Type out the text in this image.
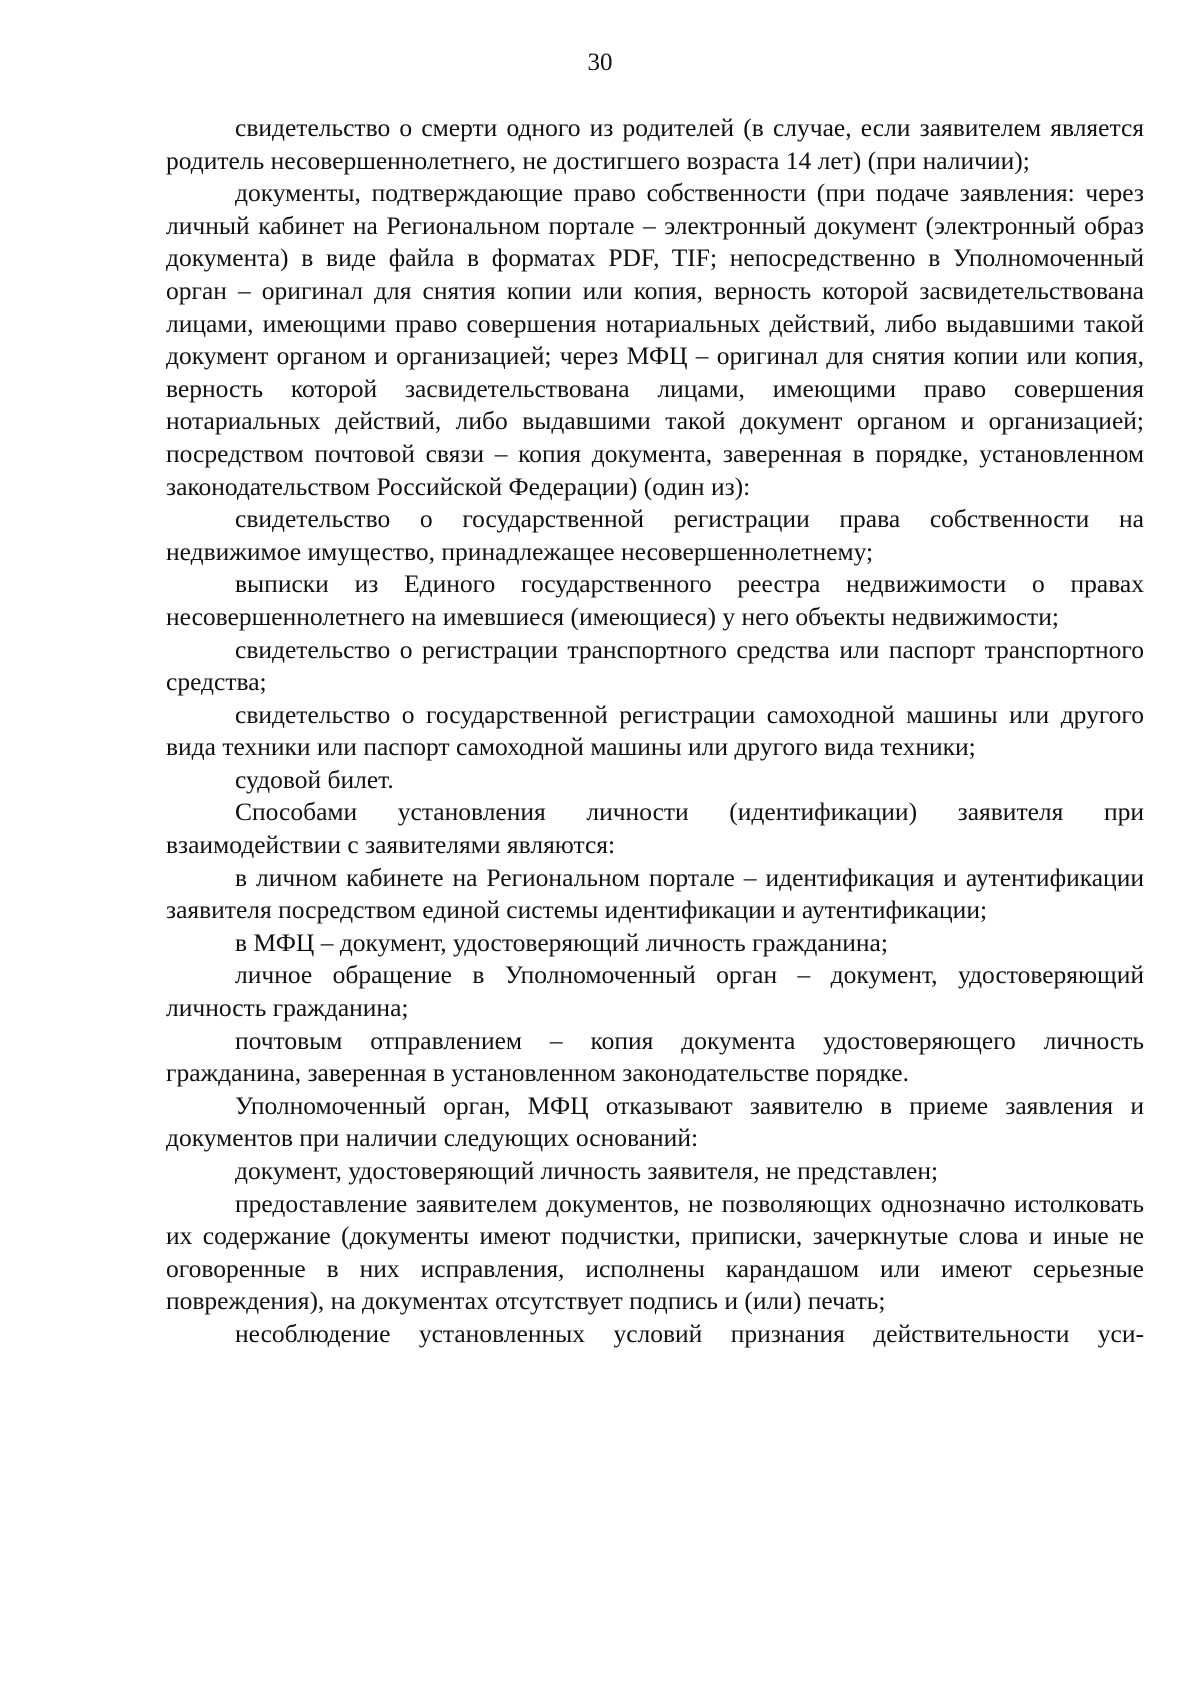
30

свидетельство о смерти одного из родителей (в случае, если заявителем является родитель несовершеннолетнего, не достигшего возраста 14 лет) (при наличии);

документы, подтверждающие право собственности (при подаче заявления: через личный кабинет на Региональном портале – электронный документ (электронный образ документа) в виде файла в форматах PDF, TIF; непосредственно в Уполномоченный орган – оригинал для снятия копии или копия, верность которой засвидетельствована лицами, имеющими право совершения нотариальных действий, либо выдавшими такой документ органом и организацией; через МФЦ – оригинал для снятия копии или копия, верность которой засвидетельствована лицами, имеющими право совершения нотариальных действий, либо выдавшими такой документ органом и организацией; посредством почтовой связи – копия документа, заверенная в порядке, установленном законодательством Российской Федерации) (один из):

свидетельство о государственной регистрации права собственности на недвижимое имущество, принадлежащее несовершеннолетнему;

выписки из Единого государственного реестра недвижимости о правах несовершеннолетнего на имевшиеся (имеющиеся) у него объекты недвижимости;

свидетельство о регистрации транспортного средства или паспорт транспортного средства;

свидетельство о государственной регистрации самоходной машины или другого вида техники или паспорт самоходной машины или другого вида техники;

судовой билет.

Способами установления личности (идентификации) заявителя при взаимодействии с заявителями являются:

в личном кабинете на Региональном портале – идентификация и аутентификации заявителя посредством единой системы идентификации и аутентификации;

в МФЦ – документ, удостоверяющий личность гражданина;

личное обращение в Уполномоченный орган – документ, удостоверяющий личность гражданина;

почтовым отправлением – копия документа удостоверяющего личность гражданина, заверенная в установленном законодательстве порядке.

Уполномоченный орган, МФЦ отказывают заявителю в приеме заявления и документов при наличии следующих оснований:

документ, удостоверяющий личность заявителя, не представлен;

предоставление заявителем документов, не позволяющих однозначно истолковать их содержание (документы имеют подчистки, приписки, зачеркнутые слова и иные не оговоренные в них исправления, исполнены карандашом или имеют серьезные повреждения), на документах отсутствует подпись и (или) печать;

несоблюдение установленных условий признания действительности уси-
